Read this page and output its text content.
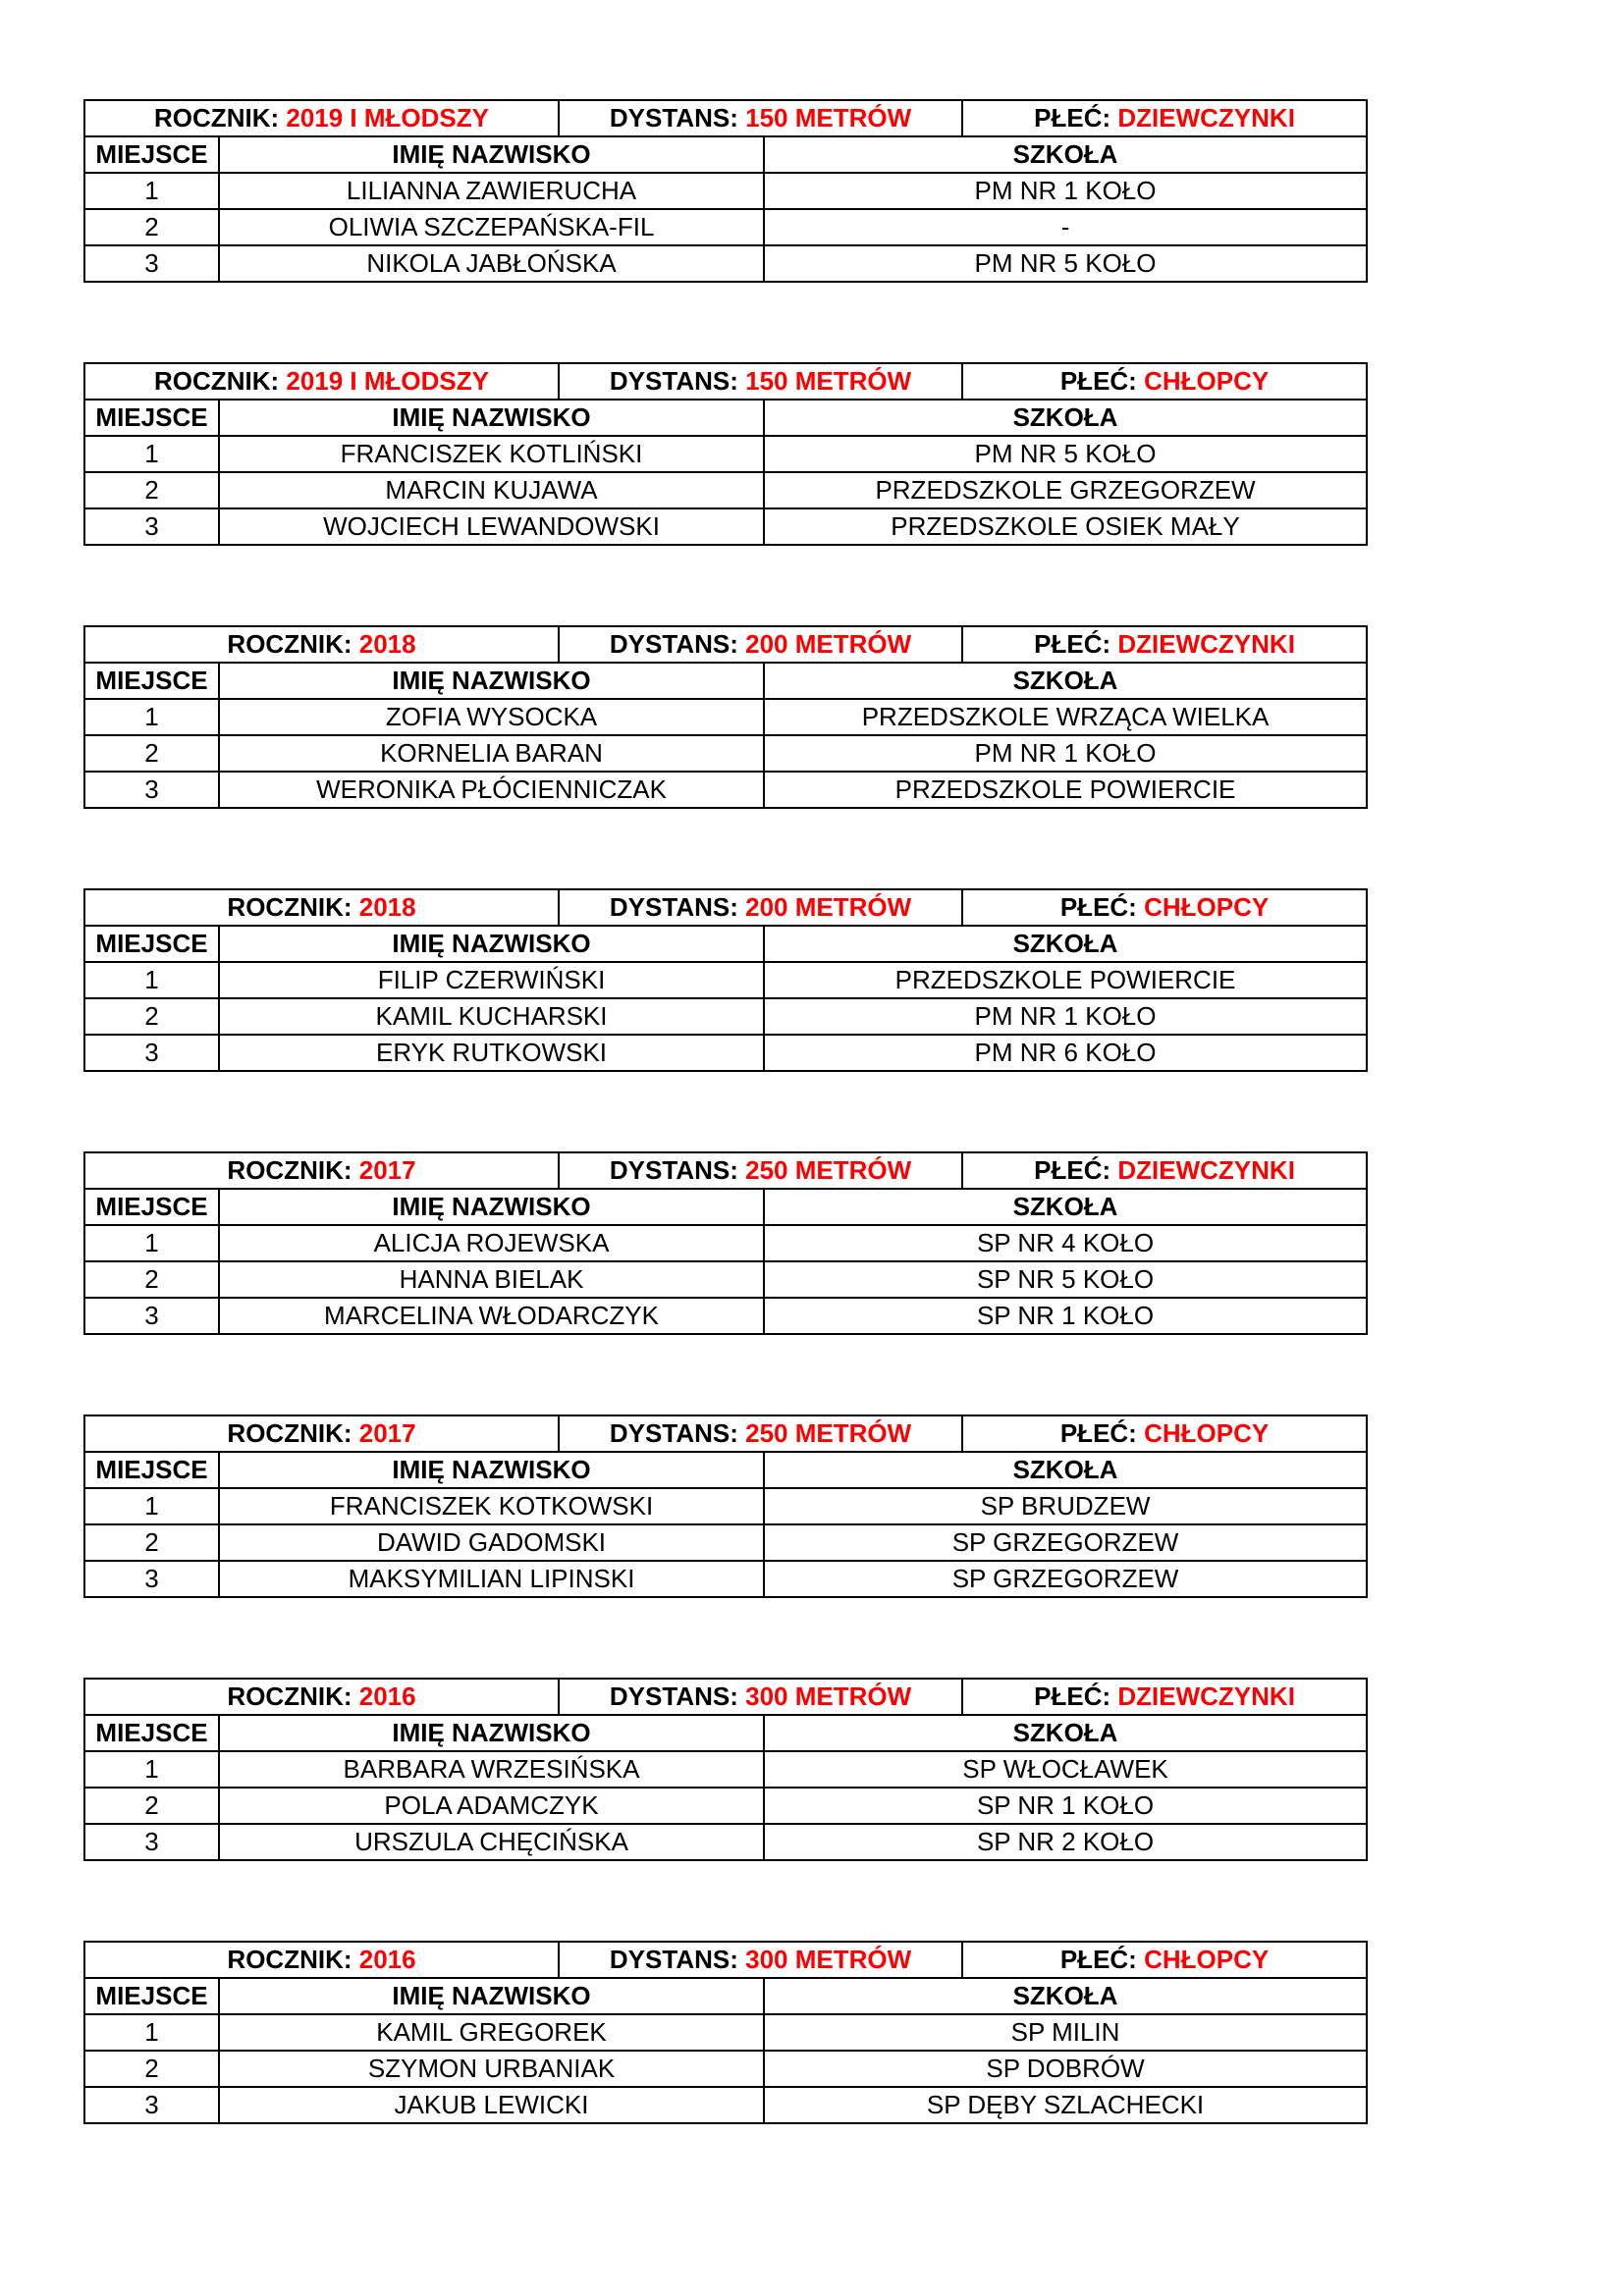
ROCZNIK: 2019 I MŁODSZY		DYSTANS: 150 METRÓW		PŁEĆ: DZIEWCZYNKI
MIEJSCE	IMIĘ NAZWISKO		SZKOŁA	
1	LILIANNA ZAWIERUCHA		PM NR 1 KOŁO	
2	OLIWIA SZCZEPAŃSKA-FIL		-	
3	NIKOLA JABŁOŃSKA		PM NR 5 KOŁO	
ROCZNIK: 2019 I MŁODSZY		DYSTANS: 150 METRÓW		PŁEĆ: CHŁOPCY
MIEJSCE	IMIĘ NAZWISKO		SZKOŁA	
1	FRANCISZEK KOTLIŃSKI		PM NR 5 KOŁO	
2	MARCIN KUJAWA		PRZEDSZKOLE GRZEGORZEW	
3	WOJCIECH LEWANDOWSKI		PRZEDSZKOLE OSIEK MAŁY	
ROCZNIK: 2018		DYSTANS: 200 METRÓW		PŁEĆ: DZIEWCZYNKI
MIEJSCE	IMIĘ NAZWISKO		SZKOŁA	
1	ZOFIA WYSOCKA		PRZEDSZKOLE WRZĄCA WIELKA	
2	KORNELIA BARAN		PM NR 1 KOŁO	
3	WERONIKA PŁÓCIENNICZAK		PRZEDSZKOLE POWIERCIE	
ROCZNIK: 2018		DYSTANS: 200 METRÓW		PŁEĆ: CHŁOPCY
MIEJSCE	IMIĘ NAZWISKO		SZKOŁA	
1	FILIP CZERWIŃSKI		PRZEDSZKOLE POWIERCIE	
2	KAMIL KUCHARSKI		PM NR 1 KOŁO	
3	ERYK RUTKOWSKI		PM NR 6 KOŁO	
ROCZNIK: 2017		DYSTANS: 250 METRÓW		PŁEĆ: DZIEWCZYNKI
MIEJSCE	IMIĘ NAZWISKO		SZKOŁA	
1	ALICJA ROJEWSKA		SP NR 4 KOŁO	
2	HANNA BIELAK		SP NR 5 KOŁO	
3	MARCELINA WŁODARCZYK		SP NR 1 KOŁO	
ROCZNIK: 2017		DYSTANS: 250 METRÓW		PŁEĆ: CHŁOPCY
MIEJSCE	IMIĘ NAZWISKO		SZKOŁA	
1	FRANCISZEK KOTKOWSKI		SP BRUDZEW	
2	DAWID GADOMSKI		SP GRZEGORZEW	
3	MAKSYMILIAN LIPINSKI		SP GRZEGORZEW	
ROCZNIK: 2016		DYSTANS: 300 METRÓW		PŁEĆ: DZIEWCZYNKI
MIEJSCE	IMIĘ NAZWISKO		SZKOŁA	
1	BARBARA WRZESIŃSKA		SP WŁOCŁAWEK	
2	POLA ADAMCZYK		SP NR 1 KOŁO	
3	URSZULA CHĘCIŃSKA		SP NR 2 KOŁO	
ROCZNIK: 2016		DYSTANS: 300 METRÓW		PŁEĆ: CHŁOPCY
MIEJSCE	IMIĘ NAZWISKO		SZKOŁA	
1	KAMIL GREGOREK		SP MILIN	
2	SZYMON URBANIAK		SP DOBRÓW	
3	JAKUB LEWICKI		SP DĘBY SZLACHECKI	
